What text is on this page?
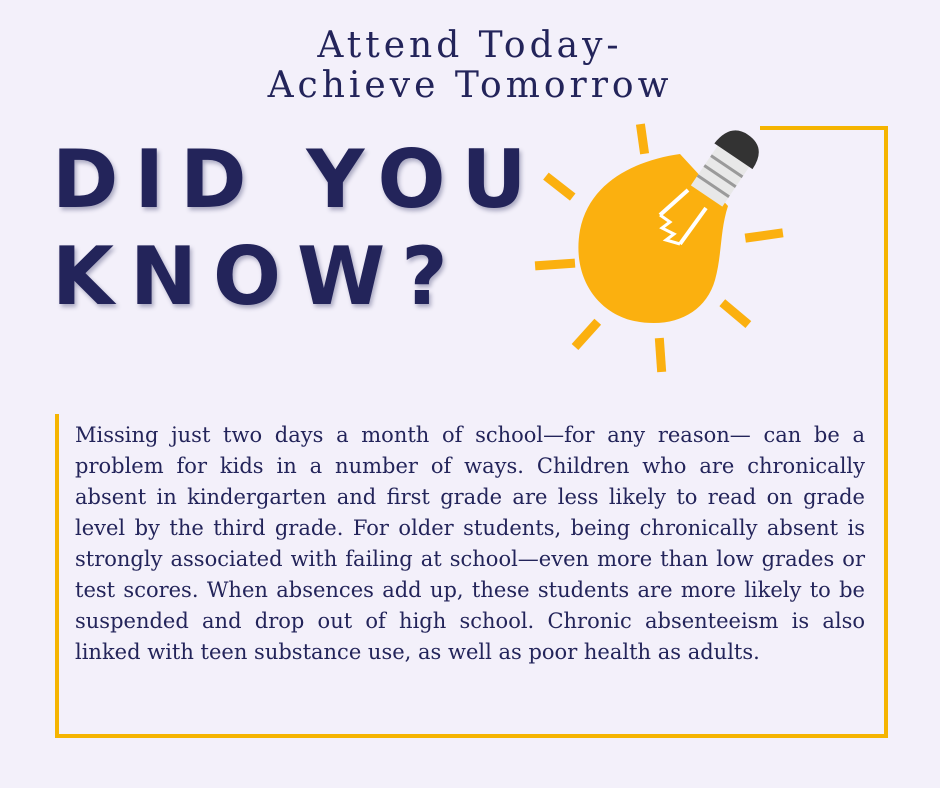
Attend Today-
Achieve Tomorrow
DID YOU
KNOW?
Missing just two days a month of school—for any reason— can be a problem for kids in a number of ways. Children who are chronically absent in kindergarten and first grade are less likely to read on grade level by the third grade. For older students, being chronically absent is strongly associated with failing at school—even more than low grades or test scores. When absences add up, these students are more likely to be suspended and drop out of high school. Chronic absenteeism is also linked with teen substance use, as well as poor health as adults.
